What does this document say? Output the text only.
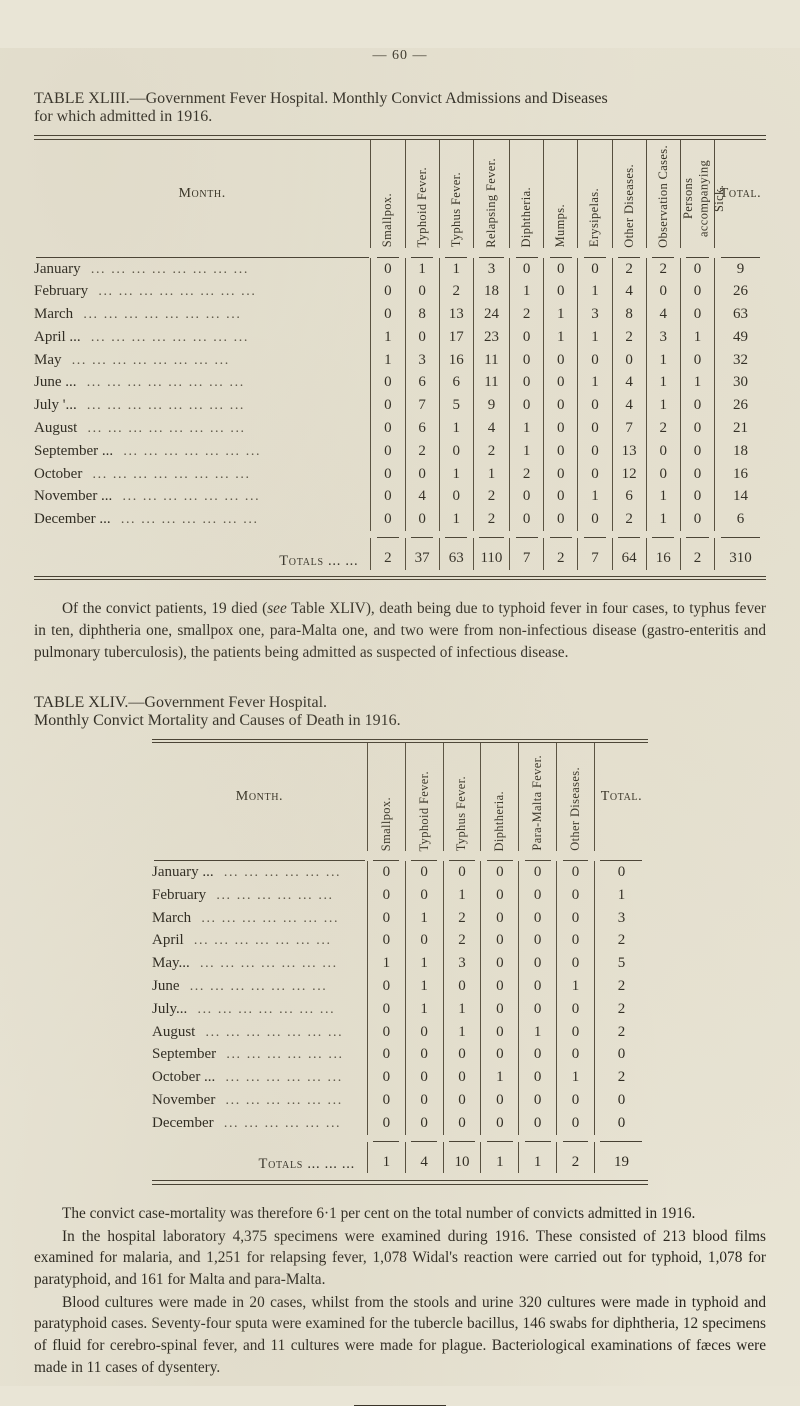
— 60 —
TABLE XLIII.—Government Fever Hospital. Monthly Convict Admissions and Diseases
for which admitted in 1916.
Month.	Smallpox.	Typhoid Fever.	Typhus Fever.	Relapsing Fever.	Diphtheria.	Mumps.	Erysipelas.	Other Diseases.	Observation Cases.	Persons accompanying Sick.	Total.

January  ... ... ... ... ... ... ... ...	0	1	1	3	0	0	0	2	2	0	9
February  ... ... ... ... ... ... ... ...	0	0	2	18	1	0	1	4	0	0	26
March  ... ... ... ... ... ... ... ...	0	8	13	24	2	1	3	8	4	0	63
April ...  ... ... ... ... ... ... ... ...	1	0	17	23	0	1	1	2	3	1	49
May  ... ... ... ... ... ... ... ...	1	3	16	11	0	0	0	0	1	0	32
June ...  ... ... ... ... ... ... ... ...	0	6	6	11	0	0	1	4	1	1	30
July '...  ... ... ... ... ... ... ... ...	0	7	5	9	0	0	0	4	1	0	26
August  ... ... ... ... ... ... ... ...	0	6	1	4	1	0	0	7	2	0	21
September ...  ... ... ... ... ... ... ...	0	2	0	2	1	0	0	13	0	0	18
October  ... ... ... ... ... ... ... ...	0	0	1	1	2	0	0	12	0	0	16
November ...  ... ... ... ... ... ... ...	0	4	0	2	0	0	1	6	1	0	14
December ...  ... ... ... ... ... ... ...	0	0	1	2	0	0	0	2	1	0	6

Totals ... ...	2	37	63	110	7	2	7	64	16	2	310

Of the convict patients, 19 died (see Table XLIV), death being due to typhoid fever in four cases, to typhus fever in ten, diphtheria one, smallpox one, para-Malta one, and two were from non-infectious disease (gastro-enteritis and pulmonary tuberculosis), the patients being admitted as suspected of infectious disease.

TABLE XLIV.—Government Fever Hospital.
Monthly Convict Mortality and Causes of Death in 1916.
Month.	Smallpox.	Typhoid Fever.	Typhus Fever.	Diphtheria.	Para-Malta Fever.	Other Diseases.	Total.

January ...  ... ... ... ... ... ...	0	0	0	0	0	0	0
February  ... ... ... ... ... ...	0	0	1	0	0	0	1
March  ... ... ... ... ... ... ...	0	1	2	0	0	0	3
April  ... ... ... ... ... ... ...	0	0	2	0	0	0	2
May...  ... ... ... ... ... ... ...	1	1	3	0	0	0	5
June  ... ... ... ... ... ... ...	0	1	0	0	0	1	2
July...  ... ... ... ... ... ... ...	0	1	1	0	0	0	2
August  ... ... ... ... ... ... ...	0	0	1	0	1	0	2
September  ... ... ... ... ... ...	0	0	0	0	0	0	0
October ...  ... ... ... ... ... ...	0	0	0	1	0	1	2
November  ... ... ... ... ... ...	0	0	0	0	0	0	0
December  ... ... ... ... ... ...	0	0	0	0	0	0	0

Totals ... ... ...	1	4	10	1	1	2	19

The convict case-mortality was therefore 6·1 per cent on the total number of convicts admitted in 1916.

In the hospital laboratory 4,375 specimens were examined during 1916. These consisted of 213 blood films examined for malaria, and 1,251 for relapsing fever, 1,078 Widal's reaction were carried out for typhoid, 1,078 for paratyphoid, and 161 for Malta and para-Malta.

Blood cultures were made in 20 cases, whilst from the stools and urine 320 cultures were made in typhoid and paratyphoid cases. Seventy-four sputa were examined for the tubercle bacillus, 146 swabs for diphtheria, 12 specimens of fluid for cerebro-spinal fever, and 11 cultures were made for plague. Bacteriological examinations of fæces were made in 11 cases of dysentery.
